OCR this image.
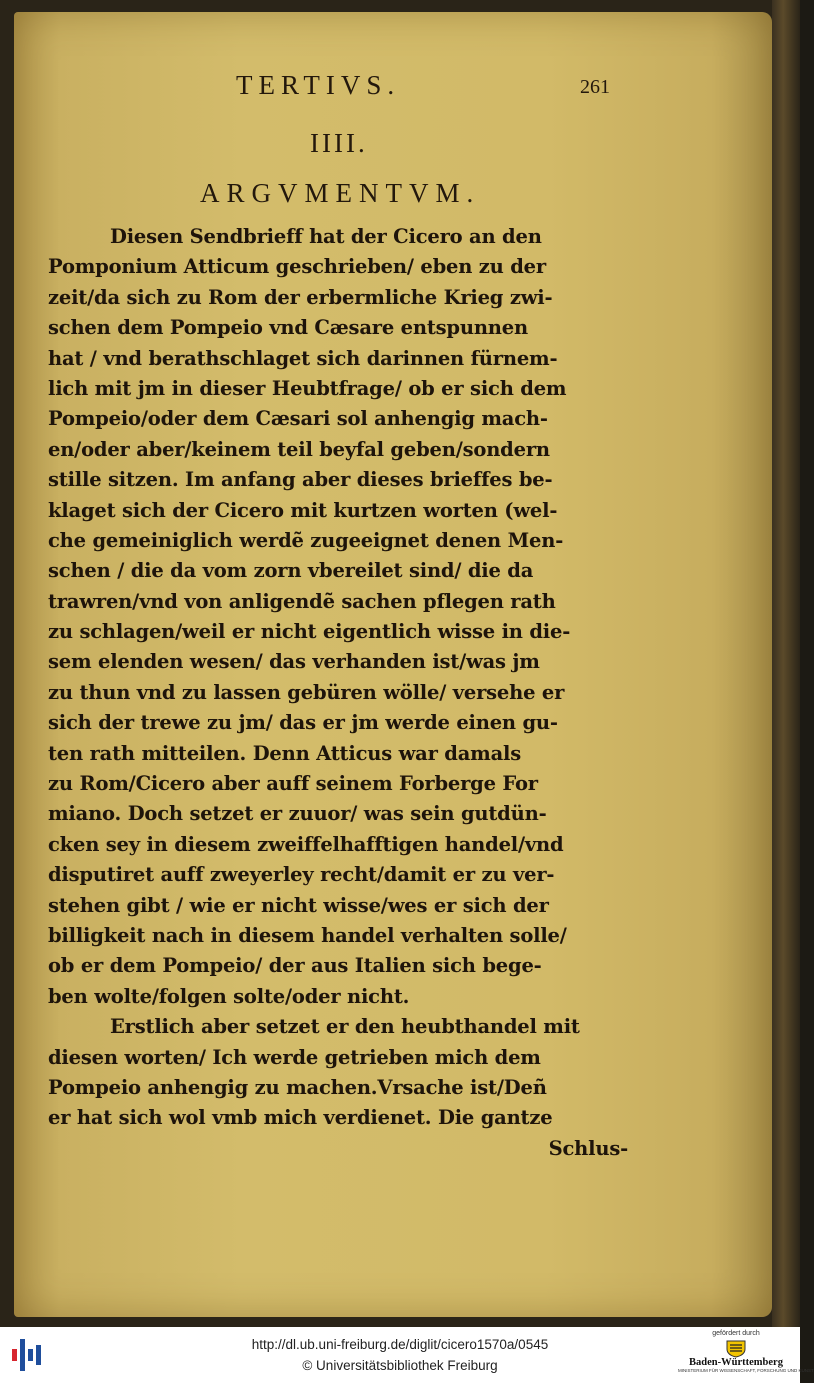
TERTIVS.	261
IIII.
ARGVMENTVM.
Diesen Sendbrieff hat der Cicero an den
Pomponium Atticum geschrieben/ eben zu der
zeit/da sich zu Rom der erbermliche Krieg zwi-
schen dem Pompeio vnd Cæsare entspunnen
hat / vnd berathschlaget sich darinnen fürnem-
lich mit jm in dieser Heubtfrage/ ob er sich dem
Pompeio/oder dem Cæsari sol anhengig mach-
en/oder aber/keinem teil beyfal geben/sondern
stille sitzen. Im anfang aber dieses brieffes be-
klaget sich der Cicero mit kurtzen worten (wel-
che gemeiniglich werdẽ zugeeignet denen Men-
schen / die da vom zorn vbereilet sind/ die da
trawren/vnd von anligendẽ sachen pflegen rath
zu schlagen/weil er nicht eigentlich wisse in die-
sem elenden wesen/ das verhanden ist/was jm
zu thun vnd zu lassen gebüren wölle/ versehe er
sich der trewe zu jm/ das er jm werde einen gu-
ten rath mitteilen. Denn Atticus war damals
zu Rom/Cicero aber auff seinem Forberge For
miano. Doch setzet er zuuor/ was sein gutdün-
cken sey in diesem zweiffelhafftigen handel/vnd
disputiret auff zweyerley recht/damit er zu ver-
stehen gibt / wie er nicht wisse/wes er sich der
billigkeit nach in diesem handel verhalten solle/
ob er dem Pompeio/ der aus Italien sich bege-
ben wolte/folgen solte/oder nicht.
Erstlich aber setzet er den heubthandel mit
diesen worten/ Ich werde getrieben mich dem
Pompeio anhengig zu machen.Vrsache ist/Deñ
er hat sich wol vmb mich verdienet. Die gantze
Schlus-
http://dl.ub.uni-freiburg.de/diglit/cicero1570a/0545
© Universitätsbibliothek Freiburg
gefördert durch
Baden-Württemberg
MINISTERIUM FÜR WISSENSCHAFT, FORSCHUNG UND KUNST
